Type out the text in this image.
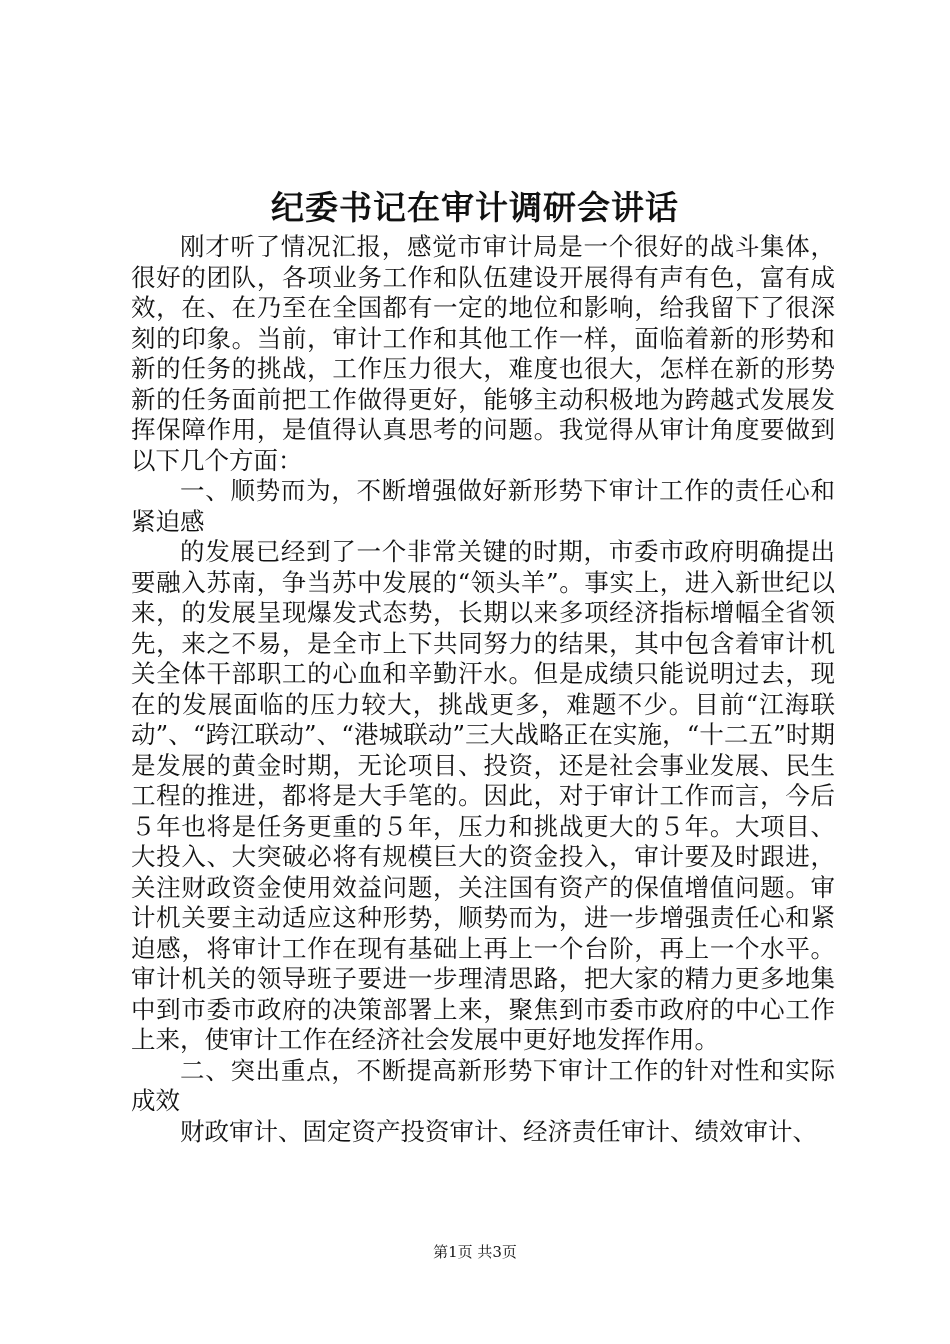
纪委书记在审计调研会讲话

刚才听了情况汇报，感觉市审计局是一个很好的战斗集体，很好的团队，各项业务工作和队伍建设开展得有声有色，富有成效，在、在乃至在全国都有一定的地位和影响，给我留下了很深刻的印象。当前，审计工作和其他工作一样，面临着新的形势和新的任务的挑战，工作压力很大，难度也很大，怎样在新的形势新的任务面前把工作做得更好，能够主动积极地为跨越式发展发挥保障作用，是值得认真思考的问题。我觉得从审计角度要做到以下几个方面：

一、顺势而为，不断增强做好新形势下审计工作的责任心和紧迫感

的发展已经到了一个非常关键的时期，市委市政府明确提出要融入苏南，争当苏中发展的“领头羊”。事实上，进入新世纪以来，的发展呈现爆发式态势，长期以来多项经济指标增幅全省领先，来之不易，是全市上下共同努力的结果，其中包含着审计机关全体干部职工的心血和辛勤汗水。但是成绩只能说明过去，现在的发展面临的压力较大，挑战更多，难题不少。目前“江海联动”、“跨江联动”、“港城联动”三大战略正在实施，“十二五”时期是发展的黄金时期，无论项目、投资，还是社会事业发展、民生工程的推进，都将是大手笔的。因此，对于审计工作而言，今后５年也将是任务更重的５年，压力和挑战更大的５年。大项目、大投入、大突破必将有规模巨大的资金投入，审计要及时跟进，关注财政资金使用效益问题，关注国有资产的保值增值问题。审计机关要主动适应这种形势，顺势而为，进一步增强责任心和紧迫感，将审计工作在现有基础上再上一个台阶，再上一个水平。审计机关的领导班子要进一步理清思路，把大家的精力更多地集中到市委市政府的决策部署上来，聚焦到市委市政府的中心工作上来，使审计工作在经济社会发展中更好地发挥作用。

二、突出重点，不断提高新形势下审计工作的针对性和实际成效

财政审计、固定资产投资审计、经济责任审计、绩效审计、

第1页 共3页
